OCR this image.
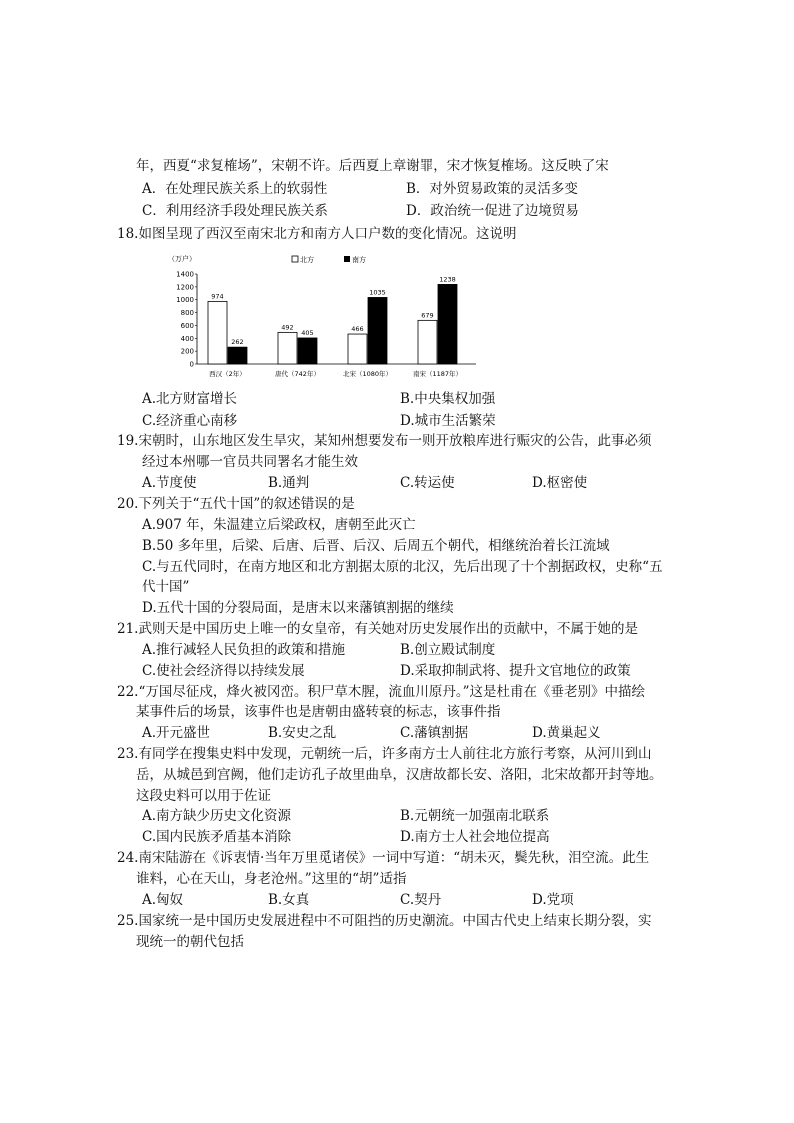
年，西夏“求复榷场”，宋朝不许。后西夏上章谢罪，宋才恢复榷场。这反映了宋
A．在处理民族关系上的软弱性	B．对外贸易政策的灵活多变
C．利用经济手段处理民族关系	D．政治统一促进了边境贸易
18.如图呈现了西汉至南宋北方和南方人口户数的变化情况。这说明
（万户）	北方	南方
1400
1200
1000
800
600
400
200
0
974
262
492
405	466
1035
679
1238
西汉（2年）	唐代（742年）	北宋（1080年）	南宋（1187年）
A.北方财富增长	B.中央集权加强
C.经济重心南移	D.城市生活繁荣
19.宋朝时，山东地区发生旱灾，某知州想要发布一则开放粮库进行赈灾的公告，此事必须
经过本州哪一官员共同署名才能生效
A.节度使	B.通判	C.转运使	D.枢密使
20.下列关于“五代十国”的叙述错误的是
A.907 年，朱温建立后梁政权，唐朝至此灭亡
B.50 多年里，后梁、后唐、后晋、后汉、后周五个朝代，相继统治着长江流域
C.与五代同时，在南方地区和北方割据太原的北汉，先后出现了十个割据政权，史称“五
代十国”
D.五代十国的分裂局面，是唐末以来藩镇割据的继续
21.武则天是中国历史上唯一的女皇帝，有关她对历史发展作出的贡献中，不属于她的是
A.推行减轻人民负担的政策和措施	B.创立殿试制度
C.使社会经济得以持续发展	D.采取抑制武将、提升文官地位的政策
22.“万国尽征戍，烽火被冈峦。积尸草木腥，流血川原丹。”这是杜甫在《垂老别》中描绘
某事件后的场景，该事件也是唐朝由盛转衰的标志，该事件指
A.开元盛世	B.安史之乱	C.藩镇割据	D.黄巢起义
23.有同学在搜集史料中发现，元朝统一后，许多南方士人前往北方旅行考察，从河川到山
岳，从城邑到宫阙，他们走访孔子故里曲阜，汉唐故都长安、洛阳，北宋故都开封等地。
这段史料可以用于佐证
A.南方缺少历史文化资源	B.元朝统一加强南北联系
C.国内民族矛盾基本消除	D.南方士人社会地位提高
24.南宋陆游在《诉衷情·当年万里觅诸侯》一词中写道：“胡未灭，鬓先秋，泪空流。此生
谁料，心在天山，身老沧州。”这里的“胡”适指
A.匈奴	B.女真	C.契丹	D.党项
25.国家统一是中国历史发展进程中不可阻挡的历史潮流。中国古代史上结束长期分裂，实
现统一的朝代包括
